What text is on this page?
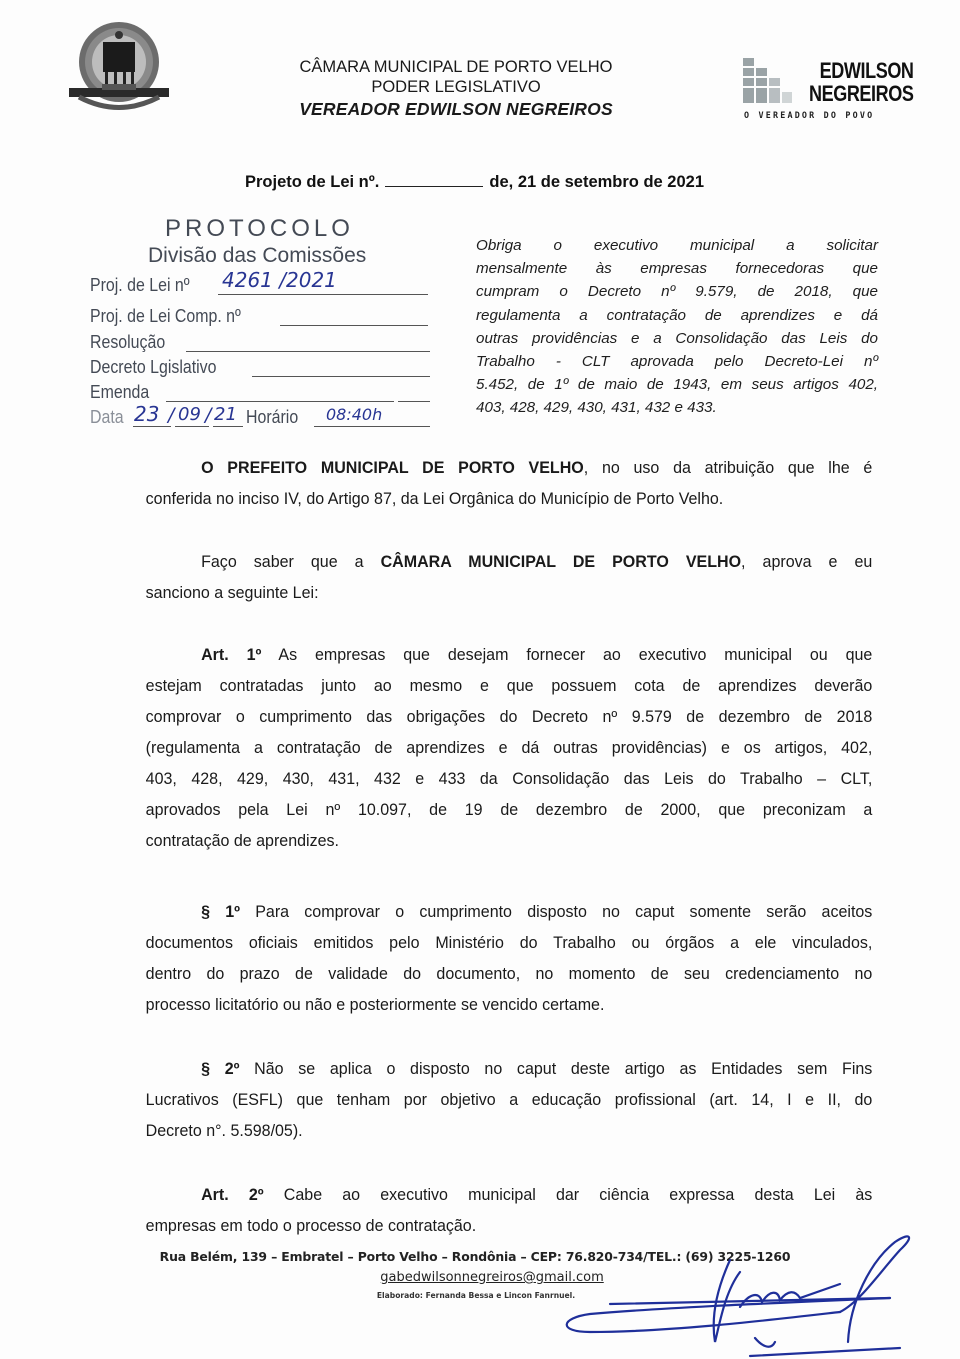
CÂMARA MUNICIPAL DE PORTO VELHO
PODER LEGISLATIVO
VEREADOR EDWILSON NEGREIROS
EDWILSON
NEGREIROS
O VEREADOR DO POVO
Projeto de Lei nº.	de, 21 de setembro de 2021
PROTOCOLO
Divisão das Comissões
Proj. de Lei nº 4261 /2021
Proj. de Lei Comp. nº
Resolução
Decreto Lgislativo
Emenda
Data 23 / 09 / 21 Horário 08:40h
Obriga o executivo municipal a solicitar
mensalmente às empresas fornecedoras que
cumpram o Decreto nº 9.579, de 2018, que
regulamenta a contratação de aprendizes e dá
outras providências e a Consolidação das Leis do
Trabalho - CLT aprovada pelo Decreto-Lei nº
5.452, de 1º de maio de 1943, em seus artigos 402,
403, 428, 429, 430, 431, 432 e 433.
O PREFEITO MUNICIPAL DE PORTO VELHO, no uso da atribuição que lhe é
conferida no inciso IV, do Artigo 87, da Lei Orgânica do Município de Porto Velho.
Faço saber que a CÂMARA MUNICIPAL DE PORTO VELHO, aprova e eu
sanciono a seguinte Lei:
Art. 1º As empresas que desejam fornecer ao executivo municipal ou que
estejam contratadas junto ao mesmo e que possuem cota de aprendizes deverão
comprovar o cumprimento das obrigações do Decreto nº 9.579 de dezembro de 2018
(regulamenta a contratação de aprendizes e dá outras providências) e os artigos, 402,
403, 428, 429, 430, 431, 432 e 433 da Consolidação das Leis do Trabalho – CLT,
aprovados pela Lei nº 10.097, de 19 de dezembro de 2000, que preconizam a
contratação de aprendizes.
§ 1º Para comprovar o cumprimento disposto no caput somente serão aceitos
documentos oficiais emitidos pelo Ministério do Trabalho ou órgãos a ele vinculados,
dentro do prazo de validade do documento, no momento de seu credenciamento no
processo licitatório ou não e posteriormente se vencido certame.
§ 2º Não se aplica o disposto no caput deste artigo as Entidades sem Fins
Lucrativos (ESFL) que tenham por objetivo a educação profissional (art. 14, I e II, do
Decreto n°. 5.598/05).
Art. 2º Cabe ao executivo municipal dar ciência expressa desta Lei às
empresas em todo o processo de contratação.
Rua Belém, 139 – Embratel – Porto Velho – Rondônia – CEP: 76.820-734/TEL.: (69) 3225-1260
gabedwilsonnegreiros@gmail.com
Elaborado: Fernanda Bessa e Lincon Fanrnuel.
